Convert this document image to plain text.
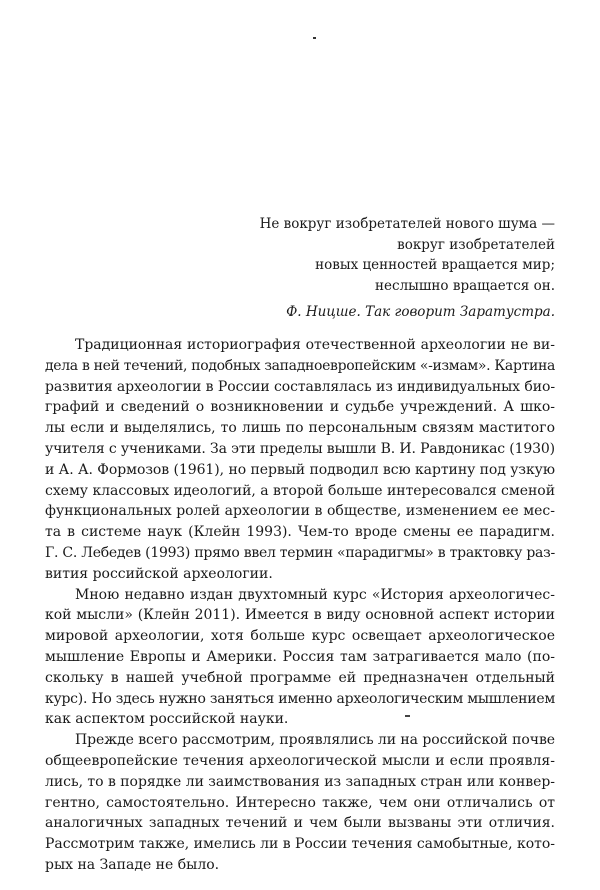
Не вокруг изобретателей нового шума —
вокруг изобретателей
новых ценностей вращается мир;
неслышно вращается он.
Ф. Ницше. Так говорит Заратустра.

Традиционная историография отечественной археологии не ви-
дела в ней течений, подобных западноевропейским «-измам». Картина
развития археологии в России составлялась из индивидуальных био-
графий и сведений о возникновении и судьбе учреждений. А шко-
лы если и выделялись, то лишь по персональным связям маститого
учителя с учениками. За эти пределы вышли В. И. Равдоникас (1930)
и А. А. Формозов (1961), но первый подводил всю картину под узкую
схему классовых идеологий, а второй больше интересовался сменой
функциональных ролей археологии в обществе, изменением ее мес-
та в системе наук (Клейн 1993). Чем-то вроде смены ее парадигм.
Г. С. Лебедев (1993) прямо ввел термин «парадигмы» в трактовку раз-
вития российской археологии.

Мною недавно издан двухтомный курс «История археологичес-
кой мысли» (Клейн 2011). Имеется в виду основной аспект истории
мировой археологии, хотя больше курс освещает археологическое
мышление Европы и Америки. Россия там затрагивается мало (по-
скольку в нашей учебной программе ей предназначен отдельный
курс). Но здесь нужно заняться именно археологическим мышлением
как аспектом российской науки.

Прежде всего рассмотрим, проявлялись ли на российской почве
общеевропейские течения археологической мысли и если проявля-
лись, то в порядке ли заимствования из западных стран или конвер-
гентно, самостоятельно. Интересно также, чем они отличались от
аналогичных западных течений и чем были вызваны эти отличия.
Рассмотрим также, имелись ли в России течения самобытные, кото-
рых на Западе не было.
